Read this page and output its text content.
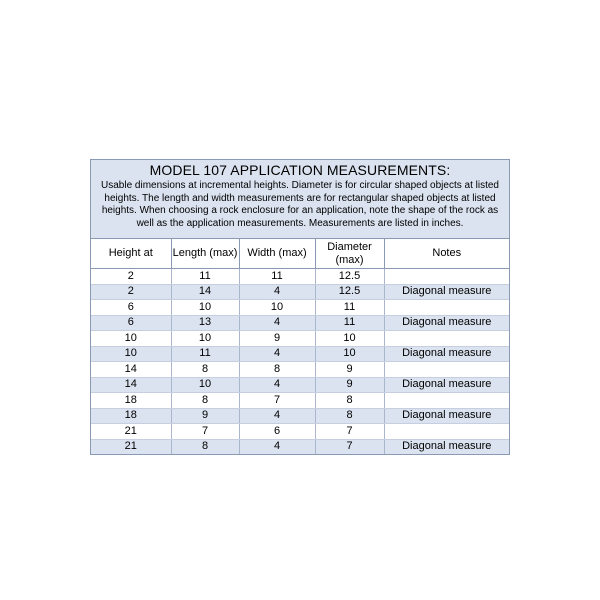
MODEL 107 APPLICATION MEASUREMENTS:
Usable dimensions at incremental heights. Diameter is for circular shaped objects at listed heights. The length and width measurements are for rectangular shaped objects at listed heights. When choosing a rock enclosure for an application, note the shape of the rock as well as the application measurements. Measurements are listed in inches.
Height at	Length (max)	Width (max)	Diameter (max)	Notes
2	11	11	12.5	
2	14	4	12.5	Diagonal measure
6	10	10	11	
6	13	4	11	Diagonal measure
10	10	9	10	
10	11	4	10	Diagonal measure
14	8	8	9	
14	10	4	9	Diagonal measure
18	8	7	8	
18	9	4	8	Diagonal measure
21	7	6	7	
21	8	4	7	Diagonal measure
